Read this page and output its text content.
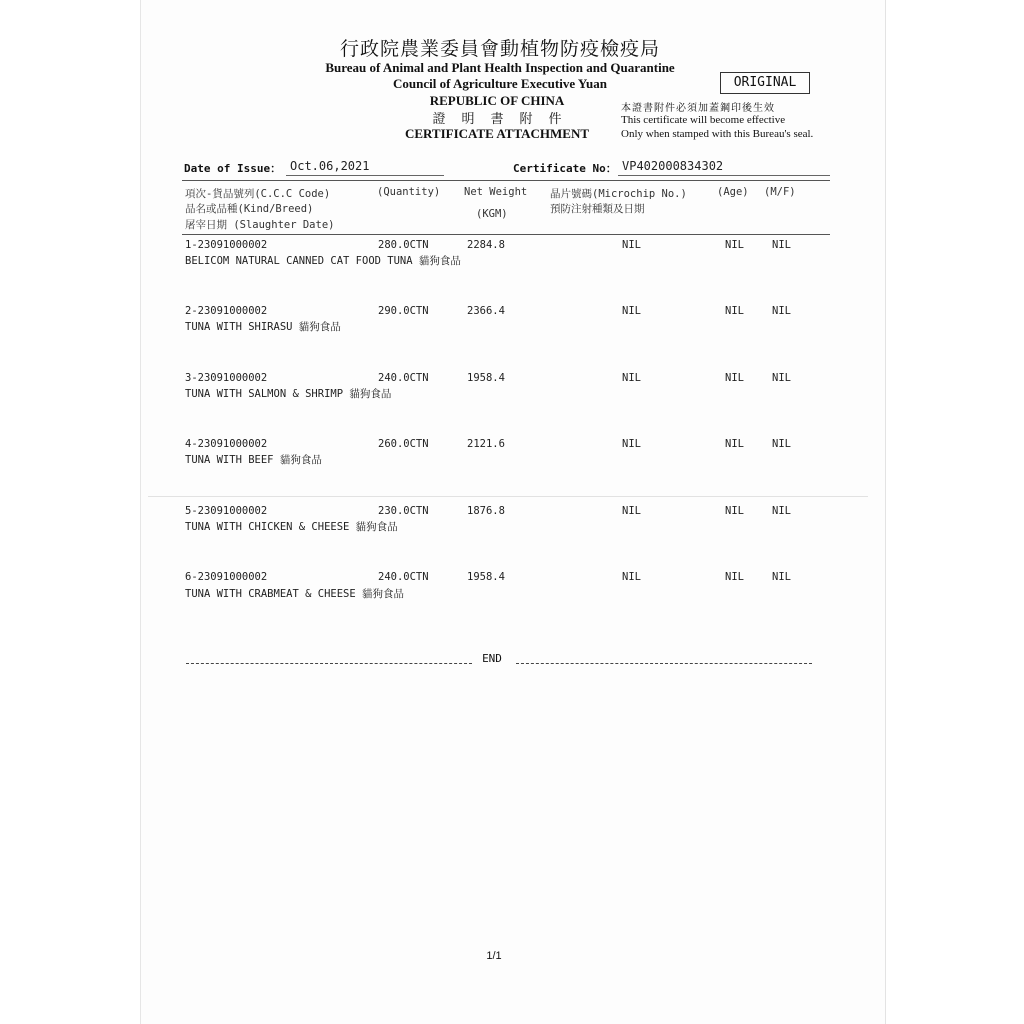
行政院農業委員會動植物防疫檢疫局
Bureau of Animal and Plant Health Inspection and Quarantine
Council of Agriculture Executive Yuan
REPUBLIC OF CHINA
證明書附件
CERTIFICATE ATTACHMENT
ORIGINAL
本證書附件必須加蓋鋼印後生效
This certificate will become effective
Only when stamped with this Bureau's seal.
Date of Issue： Oct.06,2021	Certificate No： VP402000834302
項次-貨品號列(C.C.C Code)
品名或品種(Kind/Breed)
屠宰日期 (Slaughter Date)
(Quantity) Net Weight
(KGM)
晶片號碼(Microchip No.)
預防注射種類及日期
(Age) (M/F)
1-23091000002	280.0CTN	2284.8	NIL	NIL	NIL
BELICOM NATURAL CANNED CAT FOOD TUNA 貓狗食品
2-23091000002	290.0CTN	2366.4	NIL	NIL	NIL
TUNA WITH SHIRASU 貓狗食品
3-23091000002	240.0CTN	1958.4	NIL	NIL	NIL
TUNA WITH SALMON & SHRIMP 貓狗食品
4-23091000002	260.0CTN	2121.6	NIL	NIL	NIL
TUNA WITH BEEF 貓狗食品
5-23091000002	230.0CTN	1876.8	NIL	NIL	NIL
TUNA WITH CHICKEN & CHEESE 貓狗食品
6-23091000002	240.0CTN	1958.4	NIL	NIL	NIL
TUNA WITH CRABMEAT & CHEESE 貓狗食品
END
1/1
